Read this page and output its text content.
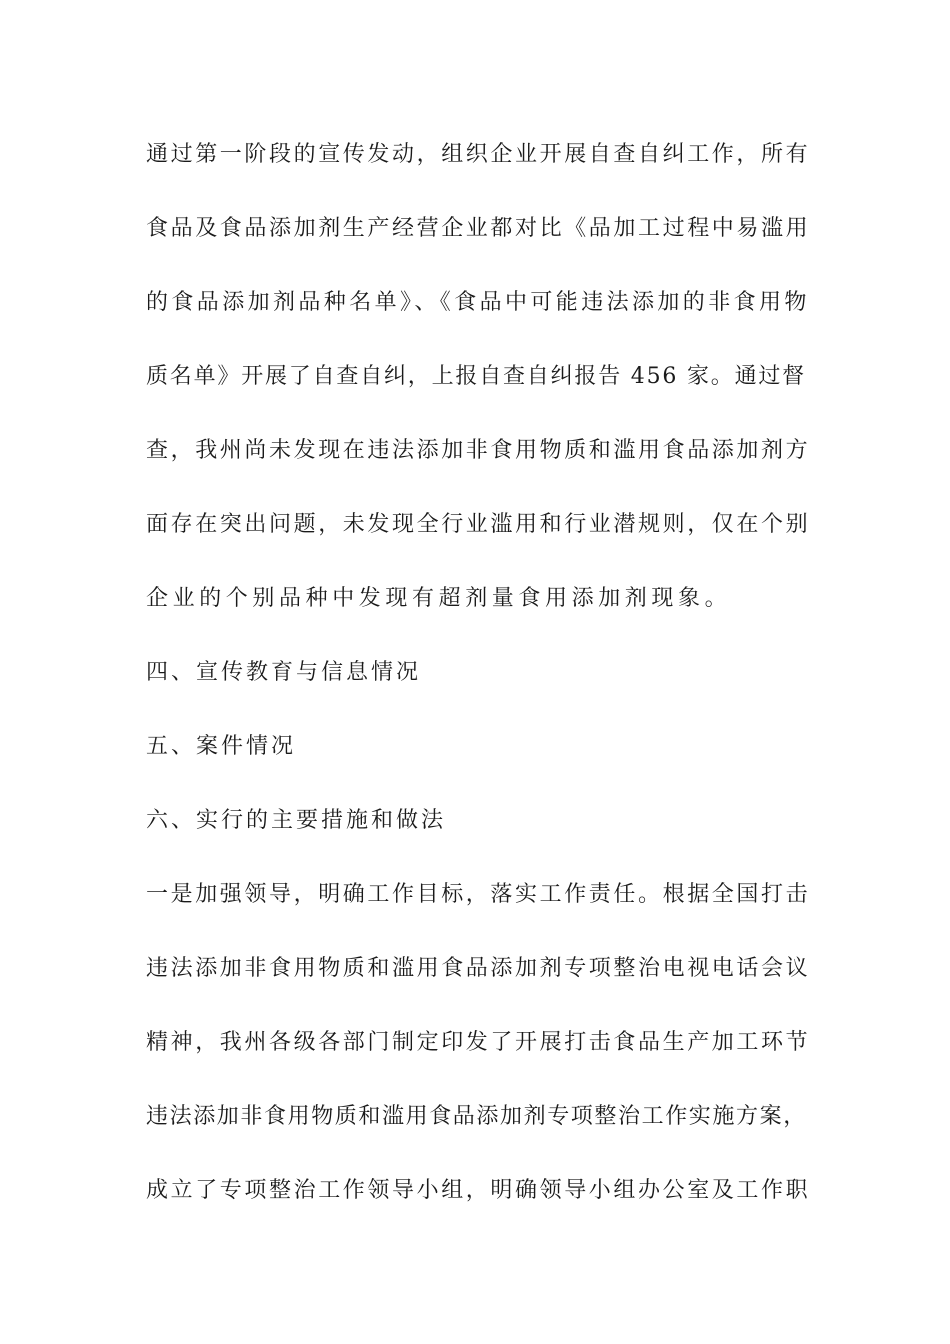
通过第一阶段的宣传发动，组织企业开展自查自纠工作，所有
食品及食品添加剂生产经营企业都对比《品加工过程中易滥用
的食品添加剂品种名单》、《食品中可能违法添加的非食用物
质名单》开展了自查自纠，上报自查自纠报告 456 家。通过督
查，我州尚未发现在违法添加非食用物质和滥用食品添加剂方
面存在突出问题，未发现全行业滥用和行业潜规则，仅在个别
企业的个别品种中发现有超剂量食用添加剂现象。
四、宣传教育与信息情况
五、案件情况
六、实行的主要措施和做法
一是加强领导，明确工作目标，落实工作责任。根据全国打击
违法添加非食用物质和滥用食品添加剂专项整治电视电话会议
精神，我州各级各部门制定印发了开展打击食品生产加工环节
违法添加非食用物质和滥用食品添加剂专项整治工作实施方案，
成立了专项整治工作领导小组，明确领导小组办公室及工作职
